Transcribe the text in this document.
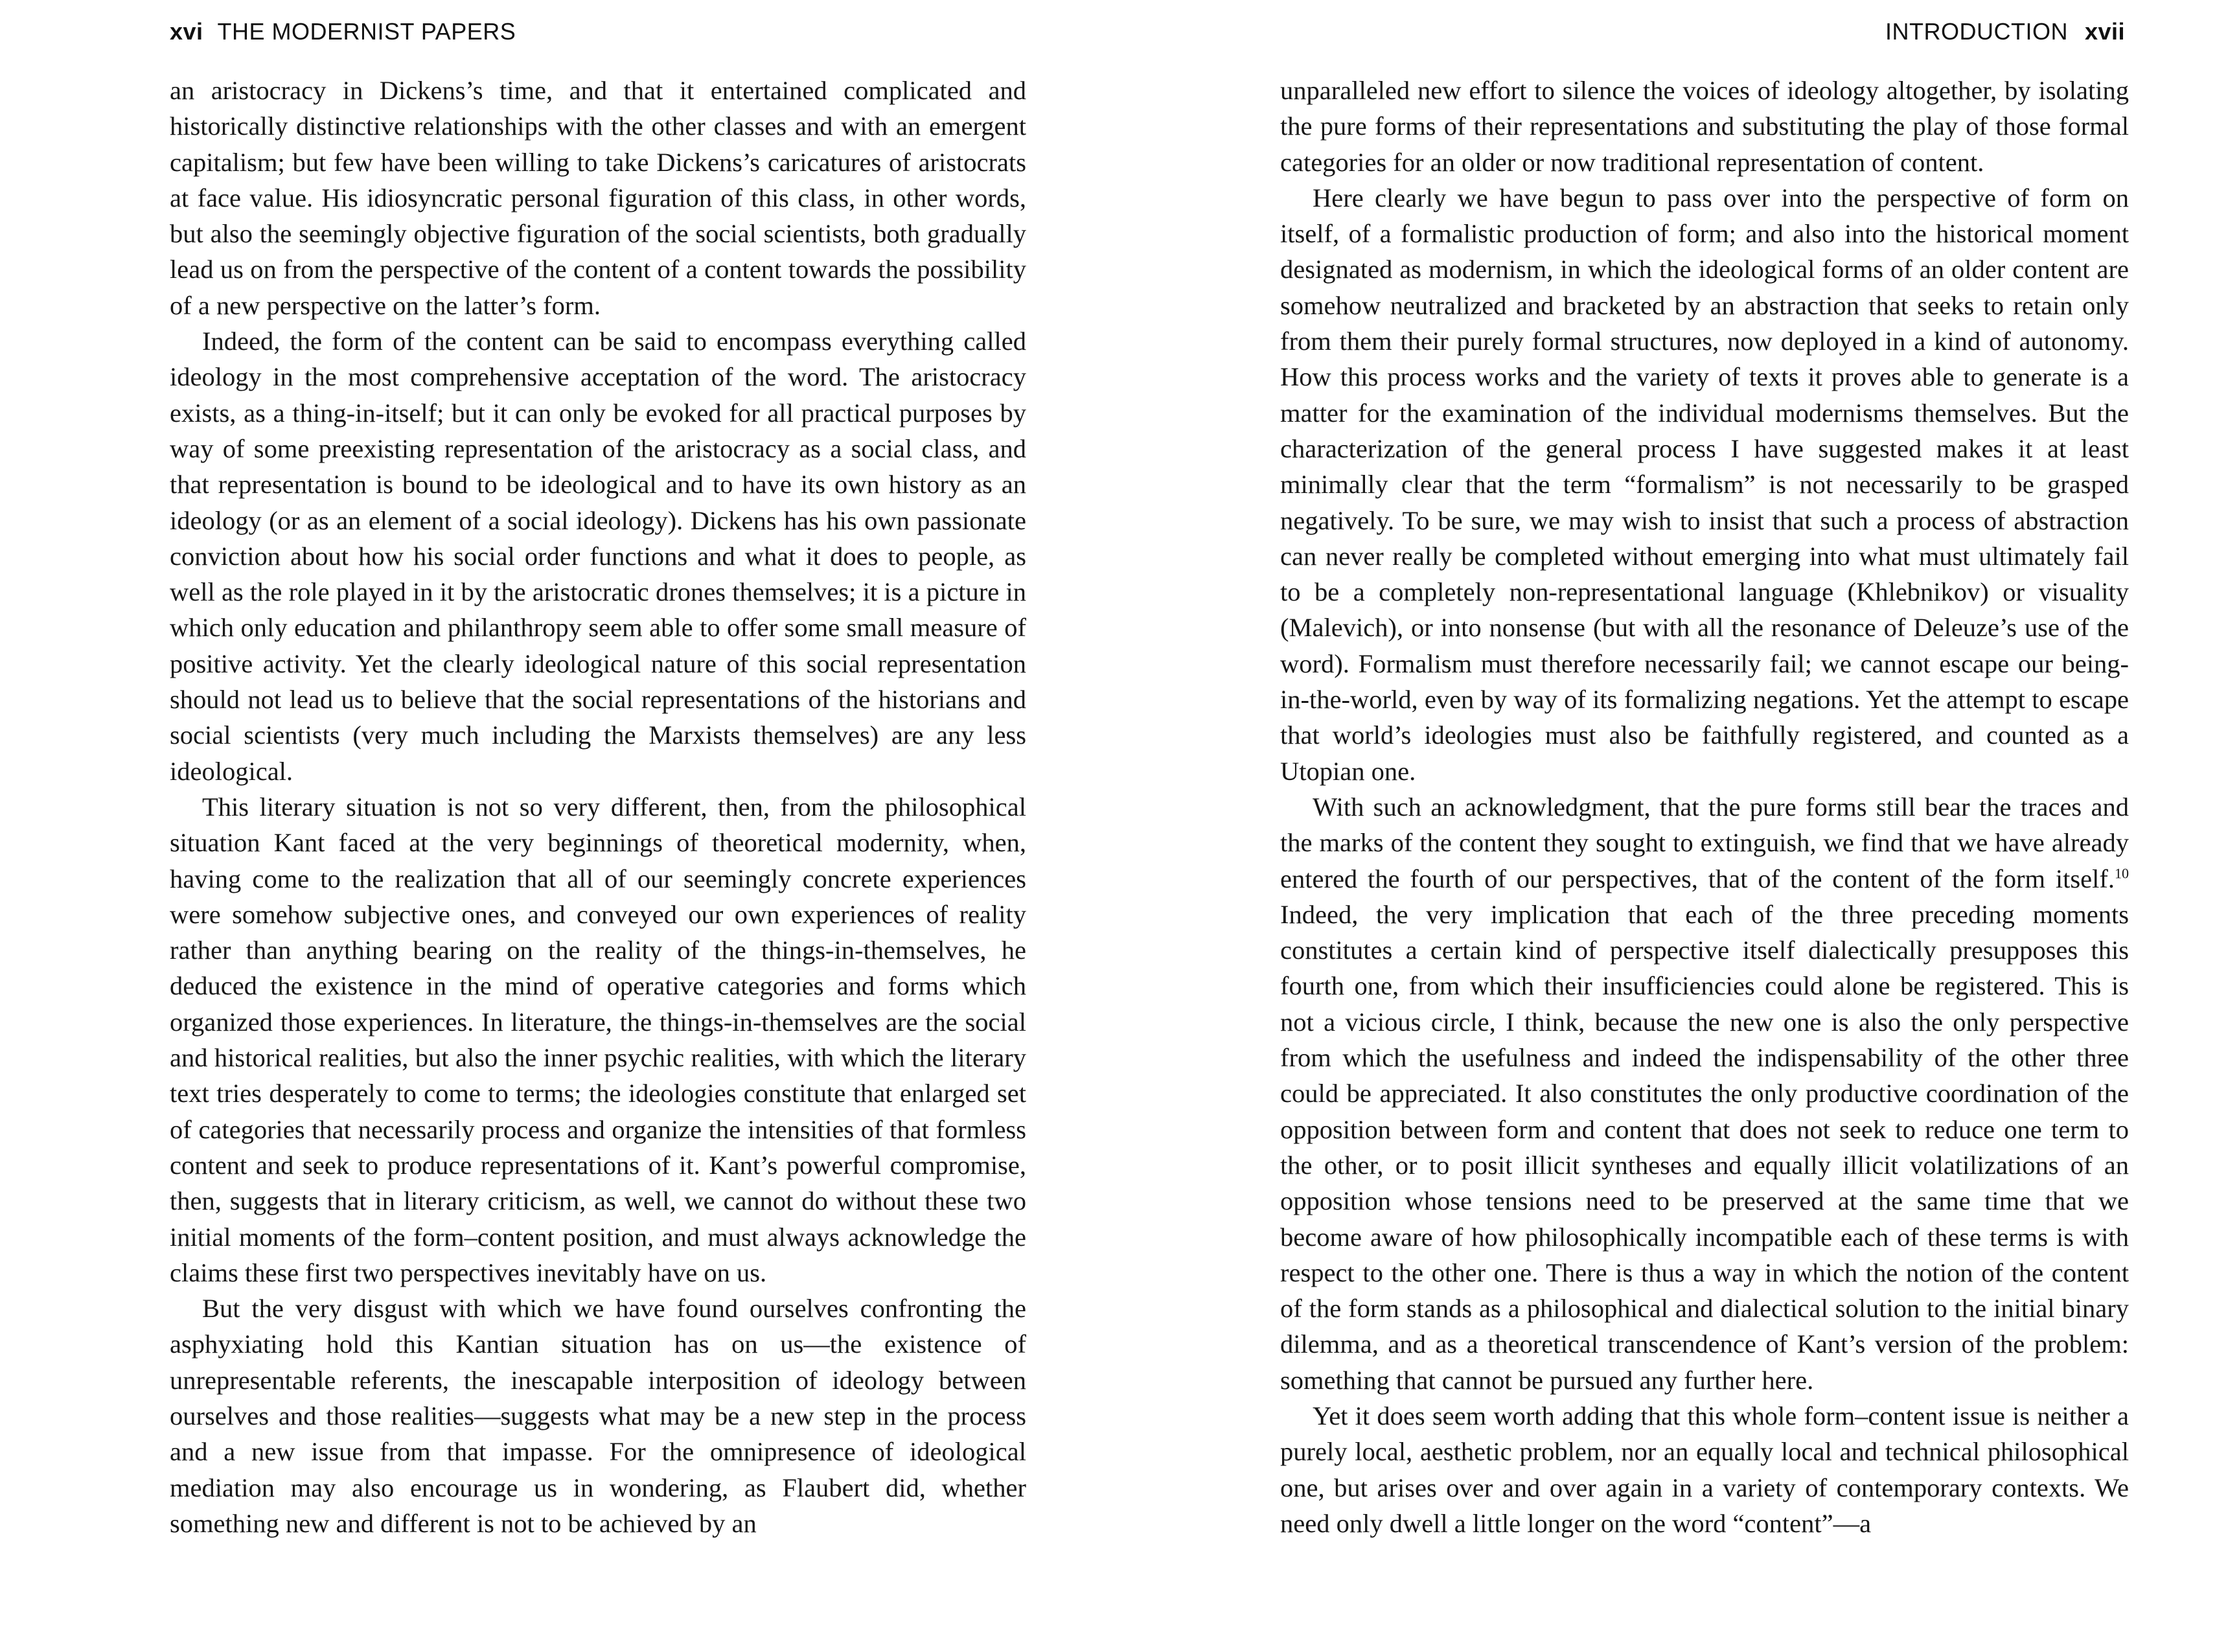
xvi THE MODERNIST PAPERS

an aristocracy in Dickens’s time, and that it entertained complicated and historically distinctive relationships with the other classes and with an emergent capitalism; but few have been willing to take Dickens’s caricatures of aristocrats at face value. His idiosyncratic personal figuration of this class, in other words, but also the seemingly objective figuration of the social scientists, both gradually lead us on from the perspective of the content of a content towards the possibility of a new perspective on the latter’s form.

Indeed, the form of the content can be said to encompass everything called ideology in the most comprehensive acceptation of the word. The aristocracy exists, as a thing-in-itself; but it can only be evoked for all practical purposes by way of some preexisting representation of the aristocracy as a social class, and that representation is bound to be ideological and to have its own history as an ideology (or as an element of a social ideology). Dickens has his own passionate conviction about how his social order functions and what it does to people, as well as the role played in it by the aristocratic drones themselves; it is a picture in which only education and philanthropy seem able to offer some small measure of positive activity. Yet the clearly ideological nature of this social representation should not lead us to believe that the social representations of the historians and social scientists (very much including the Marxists themselves) are any less ideological.

This literary situation is not so very different, then, from the philosophical situation Kant faced at the very beginnings of theoretical modernity, when, having come to the realization that all of our seemingly concrete experiences were somehow subjective ones, and conveyed our own experiences of reality rather than anything bearing on the reality of the things-in-themselves, he deduced the existence in the mind of operative categories and forms which organized those experiences. In literature, the things-in-themselves are the social and historical realities, but also the inner psychic realities, with which the literary text tries desperately to come to terms; the ideologies constitute that enlarged set of categories that necessarily process and organize the intensities of that formless content and seek to produce representations of it. Kant’s powerful compromise, then, suggests that in literary criticism, as well, we cannot do without these two initial moments of the form–content position, and must always acknowledge the claims these first two perspectives inevitably have on us.

But the very disgust with which we have found ourselves confronting the asphyxiating hold this Kantian situation has on us—the existence of unrepresentable referents, the inescapable interposition of ideology between ourselves and those realities—suggests what may be a new step in the process and a new issue from that impasse. For the omnipresence of ideological mediation may also encourage us in wondering, as Flaubert did, whether something new and different is not to be achieved by an

INTRODUCTION xvii

unparalleled new effort to silence the voices of ideology altogether, by isolating the pure forms of their representations and substituting the play of those formal categories for an older or now traditional representation of content.

Here clearly we have begun to pass over into the perspective of form on itself, of a formalistic production of form; and also into the historical moment designated as modernism, in which the ideological forms of an older content are somehow neutralized and bracketed by an abstraction that seeks to retain only from them their purely formal structures, now deployed in a kind of autonomy. How this process works and the variety of texts it proves able to generate is a matter for the examination of the individual modernisms themselves. But the characterization of the general process I have suggested makes it at least minimally clear that the term “formalism” is not necessarily to be grasped negatively. To be sure, we may wish to insist that such a process of abstraction can never really be completed without emerging into what must ultimately fail to be a completely non-representational language (Khlebnikov) or visuality (Malevich), or into nonsense (but with all the resonance of Deleuze’s use of the word). Formalism must therefore necessarily fail; we cannot escape our being-in-the-world, even by way of its formalizing negations. Yet the attempt to escape that world’s ideologies must also be faithfully registered, and counted as a Utopian one.

With such an acknowledgment, that the pure forms still bear the traces and the marks of the content they sought to extinguish, we find that we have already entered the fourth of our perspectives, that of the content of the form itself.$^{10}$ Indeed, the very implication that each of the three preceding moments constitutes a certain kind of perspective itself dialectically presupposes this fourth one, from which their insufficiencies could alone be registered. This is not a vicious circle, I think, because the new one is also the only perspective from which the usefulness and indeed the indispensability of the other three could be appreciated. It also constitutes the only productive coordination of the opposition between form and content that does not seek to reduce one term to the other, or to posit illicit syntheses and equally illicit volatilizations of an opposition whose tensions need to be preserved at the same time that we become aware of how philosophically incompatible each of these terms is with respect to the other one. There is thus a way in which the notion of the content of the form stands as a philosophical and dialectical solution to the initial binary dilemma, and as a theoretical transcendence of Kant’s version of the problem: something that cannot be pursued any further here.

Yet it does seem worth adding that this whole form–content issue is neither a purely local, aesthetic problem, nor an equally local and technical philosophical one, but arises over and over again in a variety of contemporary contexts. We need only dwell a little longer on the word “content”—a
